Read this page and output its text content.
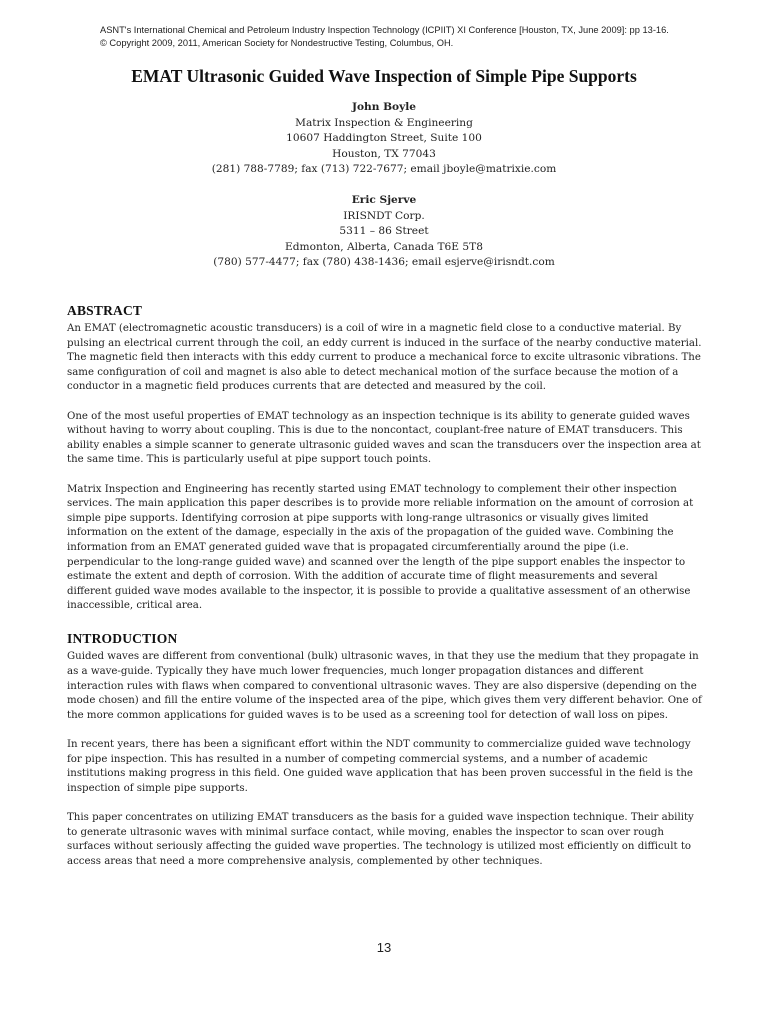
ASNT's International Chemical and Petroleum Industry Inspection Technology (ICPIIT) XI Conference [Houston, TX, June 2009]: pp 13-16.
© Copyright 2009, 2011, American Society for Nondestructive Testing, Columbus, OH.
EMAT Ultrasonic Guided Wave Inspection of Simple Pipe Supports
John Boyle
Matrix Inspection & Engineering
10607 Haddington Street, Suite 100
Houston, TX 77043
(281) 788-7789; fax (713) 722-7677; email jboyle@matrixie.com
Eric Sjerve
IRISNDT Corp.
5311 – 86 Street
Edmonton, Alberta, Canada T6E 5T8
(780) 577-4477; fax (780) 438-1436; email esjerve@irisndt.com
ABSTRACT

An EMAT (electromagnetic acoustic transducers) is a coil of wire in a magnetic field close to a conductive material. By pulsing an electrical current through the coil, an eddy current is induced in the surface of the nearby conductive material. The magnetic field then interacts with this eddy current to produce a mechanical force to excite ultrasonic vibrations. The same configuration of coil and magnet is also able to detect mechanical motion of the surface because the motion of a conductor in a magnetic field produces currents that are detected and measured by the coil.

One of the most useful properties of EMAT technology as an inspection technique is its ability to generate guided waves without having to worry about coupling. This is due to the noncontact, couplant-free nature of EMAT transducers. This ability enables a simple scanner to generate ultrasonic guided waves and scan the transducers over the inspection area at the same time. This is particularly useful at pipe support touch points.

Matrix Inspection and Engineering has recently started using EMAT technology to complement their other inspection services. The main application this paper describes is to provide more reliable information on the amount of corrosion at simple pipe supports. Identifying corrosion at pipe supports with long-range ultrasonics or visually gives limited information on the extent of the damage, especially in the axis of the propagation of the guided wave. Combining the information from an EMAT generated guided wave that is propagated circumferentially around the pipe (i.e. perpendicular to the long-range guided wave) and scanned over the length of the pipe support enables the inspector to estimate the extent and depth of corrosion. With the addition of accurate time of flight measurements and several different guided wave modes available to the inspector, it is possible to provide a qualitative assessment of an otherwise inaccessible, critical area.

INTRODUCTION

Guided waves are different from conventional (bulk) ultrasonic waves, in that they use the medium that they propagate in as a wave-guide. Typically they have much lower frequencies, much longer propagation distances and different interaction rules with flaws when compared to conventional ultrasonic waves. They are also dispersive (depending on the mode chosen) and fill the entire volume of the inspected area of the pipe, which gives them very different behavior. One of the more common applications for guided waves is to be used as a screening tool for detection of wall loss on pipes.

In recent years, there has been a significant effort within the NDT community to commercialize guided wave technology for pipe inspection. This has resulted in a number of competing commercial systems, and a number of academic institutions making progress in this field. One guided wave application that has been proven successful in the field is the inspection of simple pipe supports.

This paper concentrates on utilizing EMAT transducers as the basis for a guided wave inspection technique. Their ability to generate ultrasonic waves with minimal surface contact, while moving, enables the inspector to scan over rough surfaces without seriously affecting the guided wave properties. The technology is utilized most efficiently on difficult to access areas that need a more comprehensive analysis, complemented by other techniques.

13
